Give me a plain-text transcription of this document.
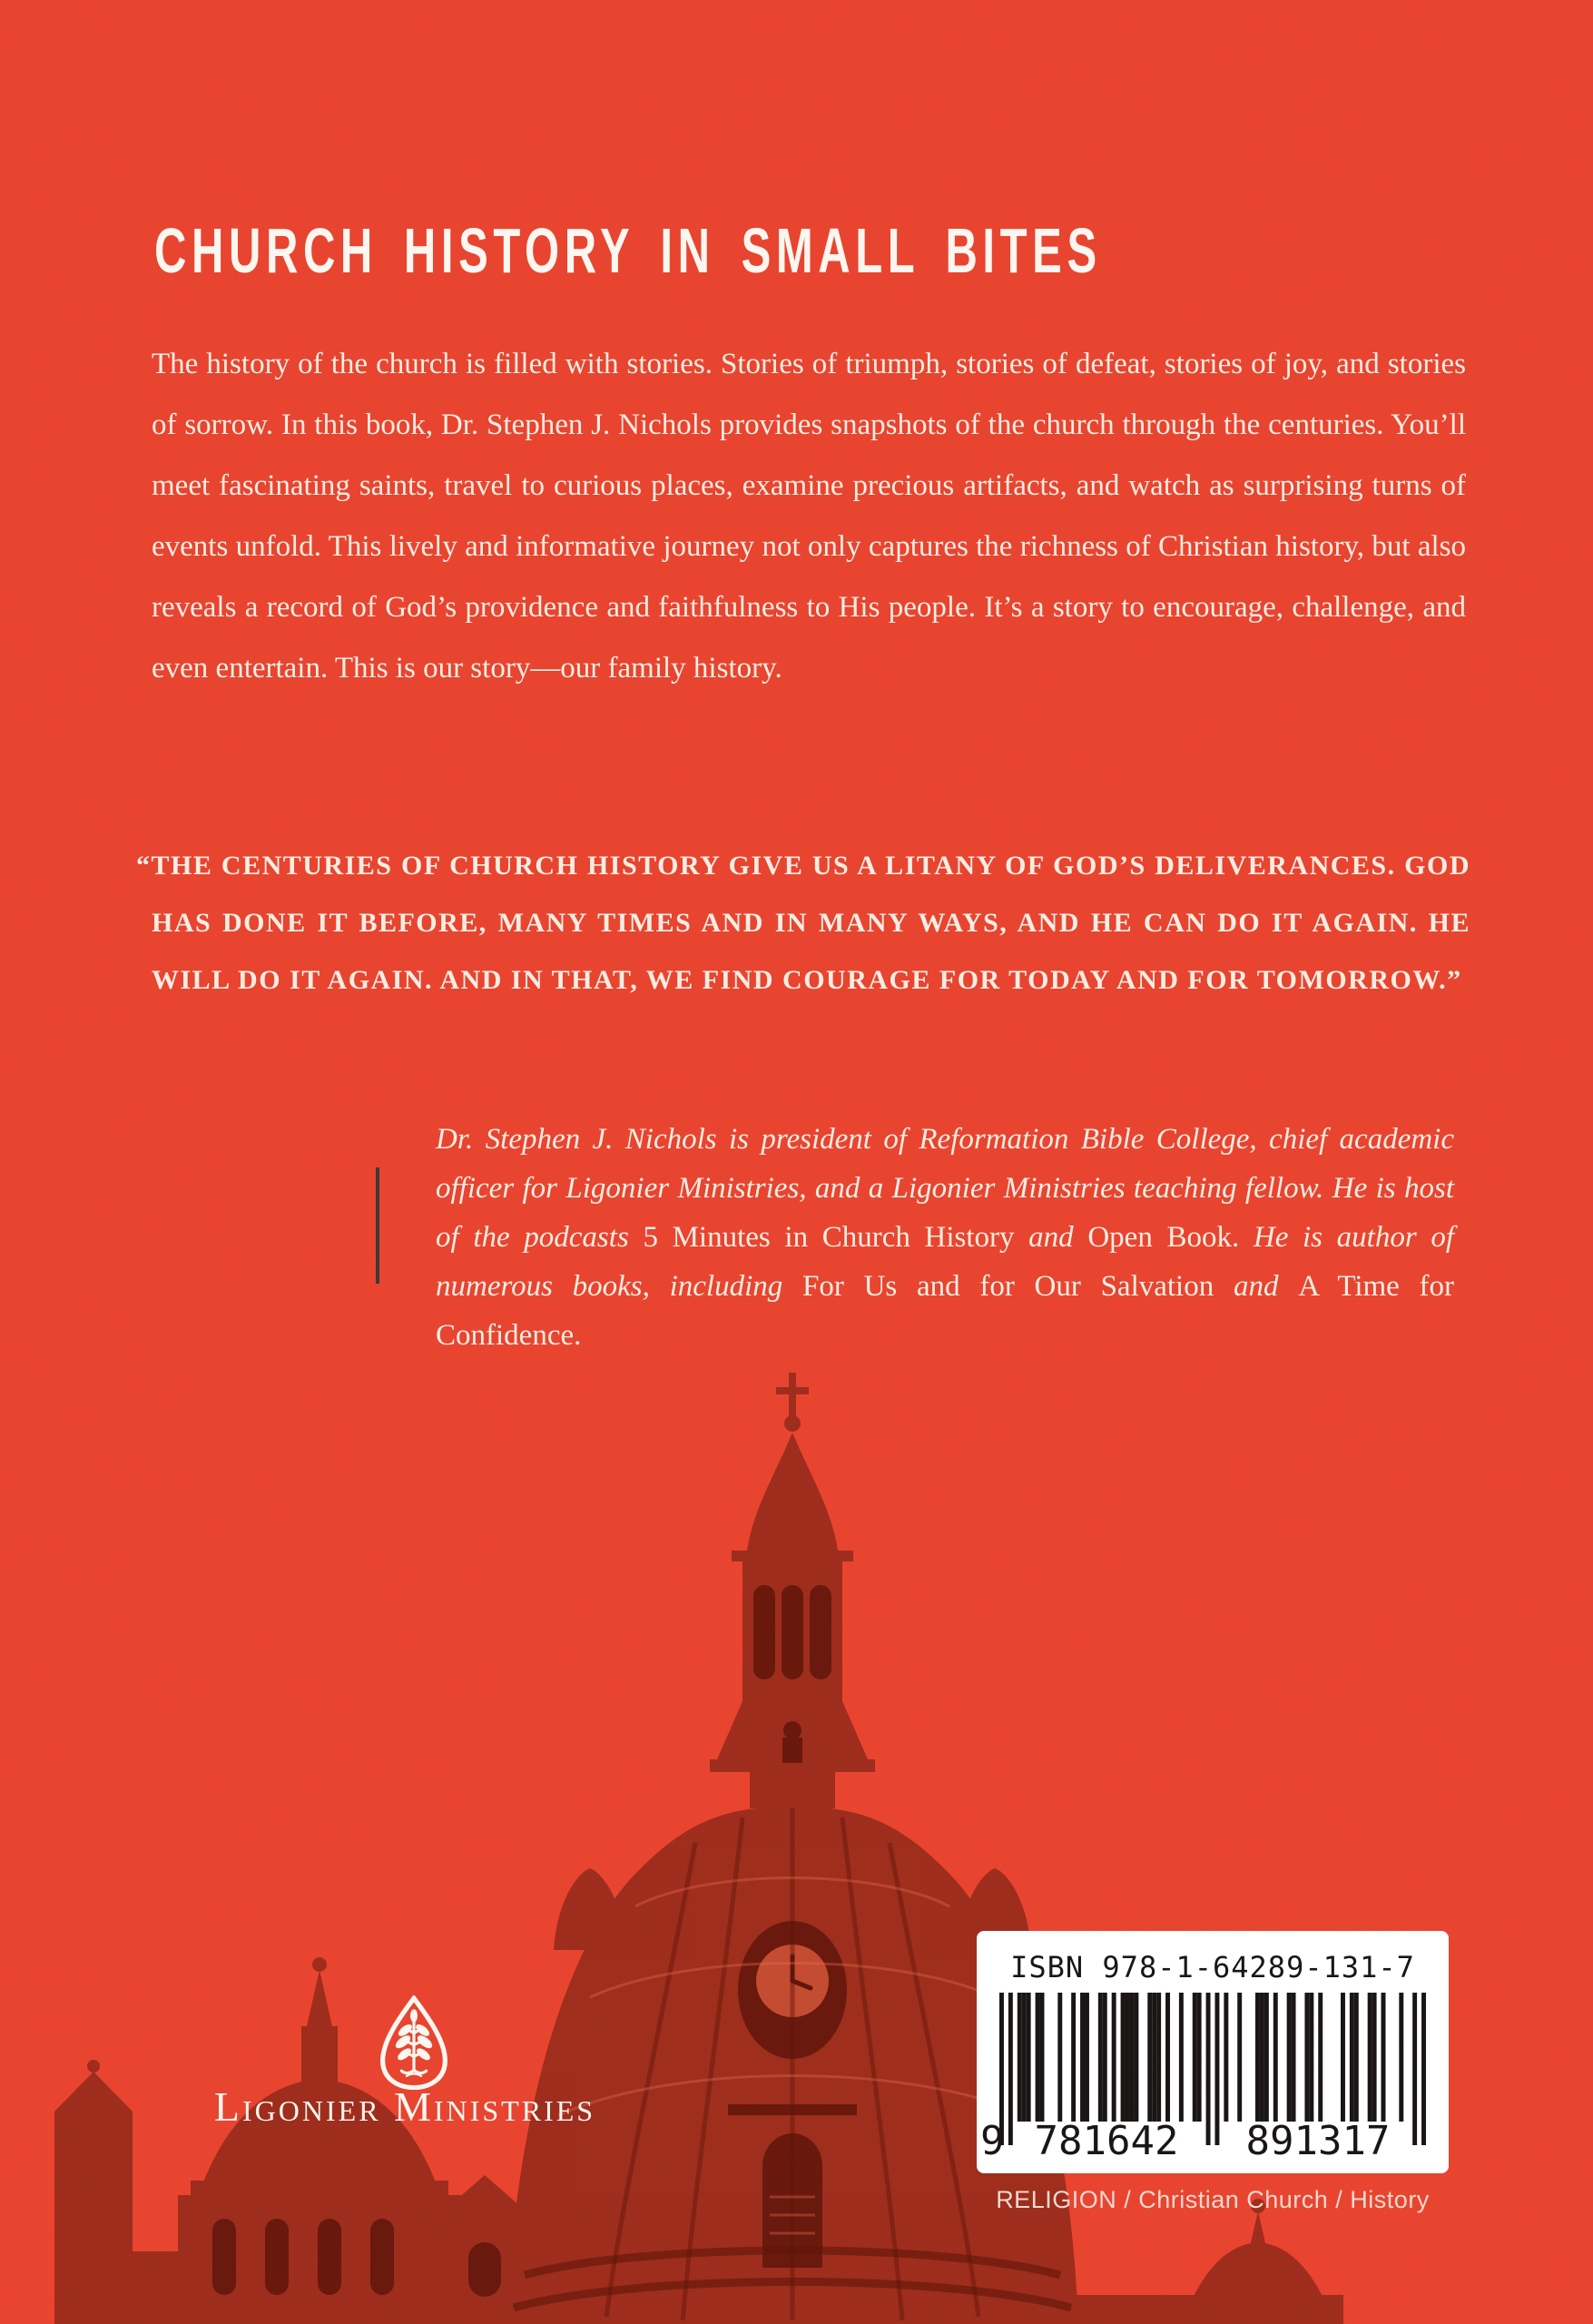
CHURCH HISTORY IN SMALL BITES

The history of the church is filled with stories. Stories of triumph, stories of defeat, stories of joy, and stories of sorrow. In this book, Dr. Stephen J. Nichols provides snapshots of the church through the centuries. You’ll meet fascinating saints, travel to curious places, examine precious artifacts, and watch as surprising turns of events unfold. This lively and informative journey not only captures the richness of Christian history, but also reveals a record of God’s providence and faithfulness to His people. It’s a story to encourage, challenge, and even entertain. This is our story—our family history.

“THE CENTURIES OF CHURCH HISTORY GIVE US A LITANY OF GOD’S DELIVERANCES. GOD HAS DONE IT BEFORE, MANY TIMES AND IN MANY WAYS, AND HE CAN DO IT AGAIN. HE WILL DO IT AGAIN. AND IN THAT, WE FIND COURAGE FOR TODAY AND FOR TOMORROW.”

Dr. Stephen J. Nichols is president of Reformation Bible College, chief academic officer for Ligonier Ministries, and a Ligonier Ministries teaching fellow. He is host of the podcasts 5 Minutes in Church History and Open Book. He is author of numerous books, including For Us and for Our Salvation and A Time for Confidence.

Ligonier Ministries
ISBN 978-1-64289-131-7
9 781642 891317
RELIGION / Christian Church / History
